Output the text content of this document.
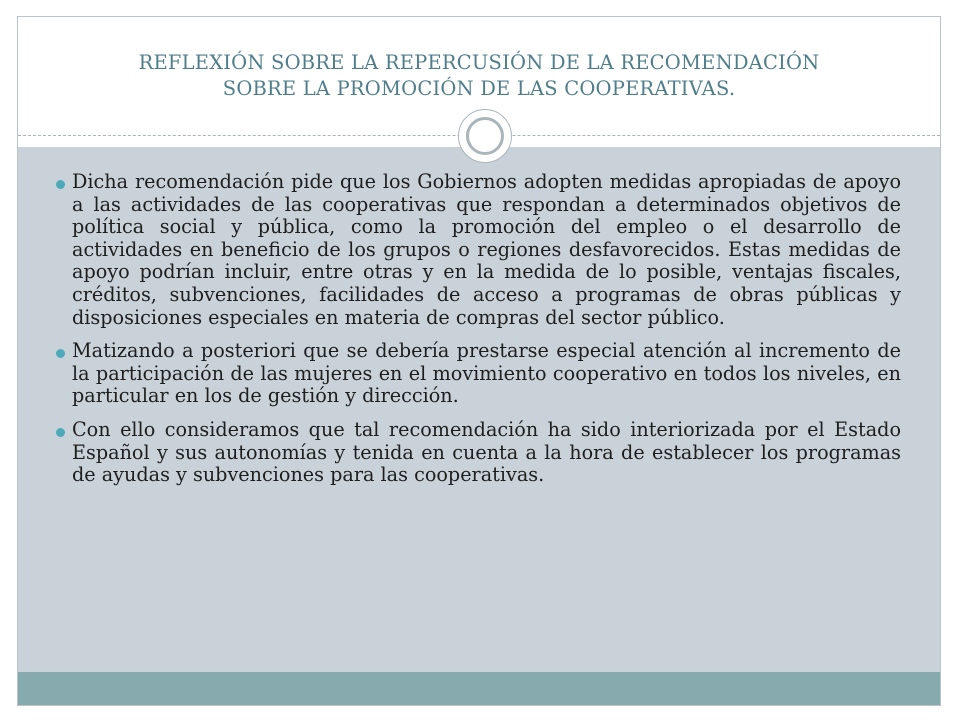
REFLEXIÓN SOBRE LA REPERCUSIÓN DE LA RECOMENDACIÓN
SOBRE LA PROMOCIÓN DE LAS COOPERATIVAS.
Dicha recomendación pide que los Gobiernos adopten medidas apropiadas de apoyo a las actividades de las cooperativas que respondan a determinados objetivos de política social y pública, como la promoción del empleo o el desarrollo de actividades en beneficio de los grupos o regiones desfavorecidos. Estas medidas de apoyo podrían incluir, entre otras y en la medida de lo posible, ventajas fiscales, créditos, subvenciones, facilidades de acceso a programas de obras públicas y disposiciones especiales en materia de compras del sector público.
Matizando a posteriori que se debería prestarse especial atención al incremento de la participación de las mujeres en el movimiento cooperativo en todos los niveles, en particular en los de gestión y dirección.
Con ello consideramos que tal recomendación ha sido interiorizada por el Estado Español y sus autonomías y tenida en cuenta a la hora de establecer los programas de ayudas y subvenciones para las cooperativas.
